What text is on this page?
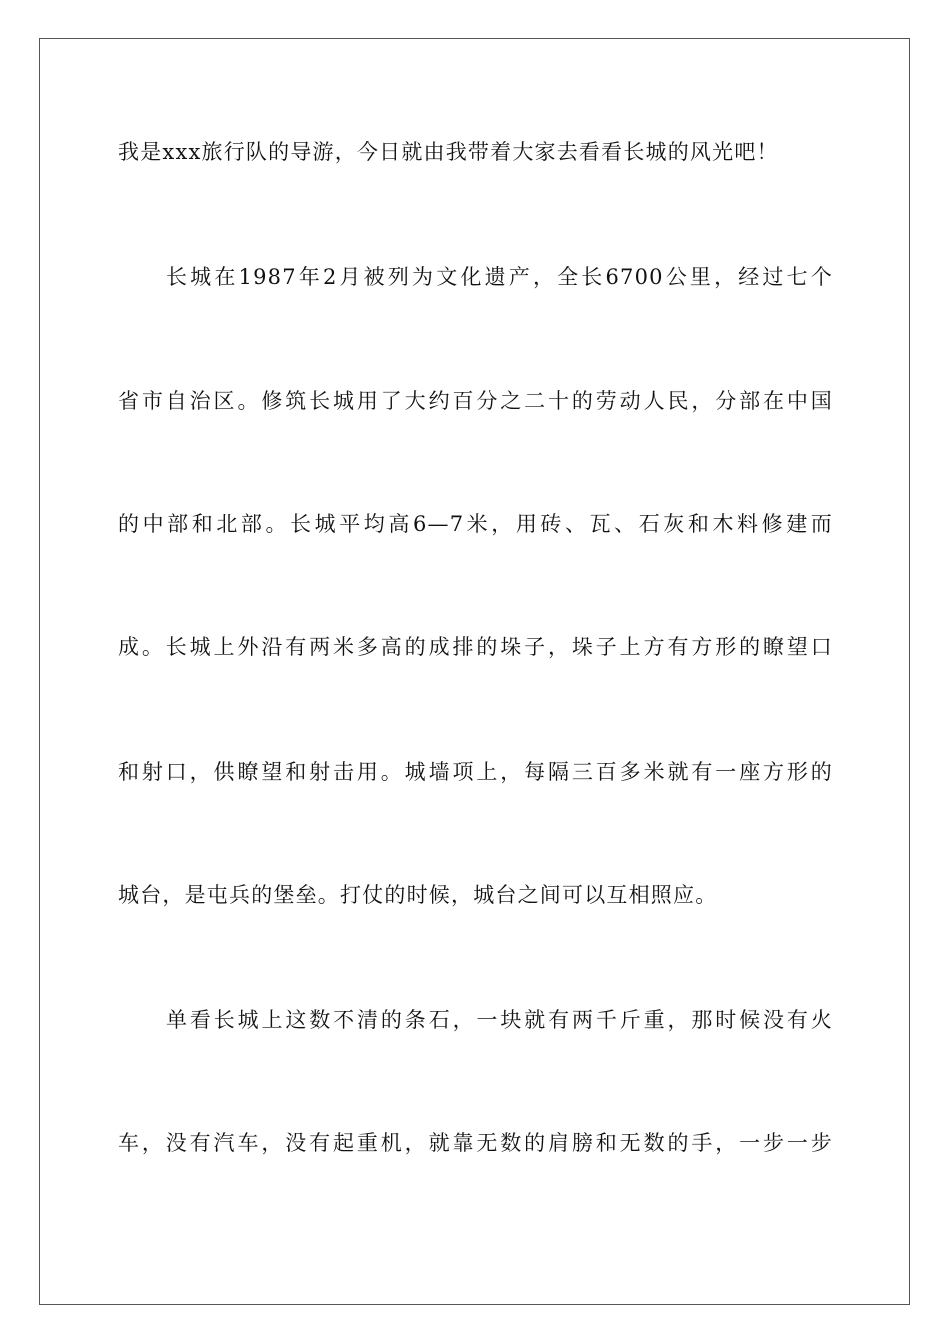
我是xxx旅行队的导游，今日就由我带着大家去看看长城的风光吧！
长城在1987年2月被列为文化遗产，全长6700公里，经过七个
省市自治区。修筑长城用了大约百分之二十的劳动人民，分部在中国
的中部和北部。长城平均高6—7米，用砖、瓦、石灰和木料修建而
成。长城上外沿有两米多高的成排的垛子，垛子上方有方形的瞭望口
和射口，供瞭望和射击用。城墙项上，每隔三百多米就有一座方形的
城台，是屯兵的堡垒。打仗的时候，城台之间可以互相照应。
单看长城上这数不清的条石，一块就有两千斤重，那时候没有火
车，没有汽车，没有起重机，就靠无数的肩膀和无数的手，一步一步
